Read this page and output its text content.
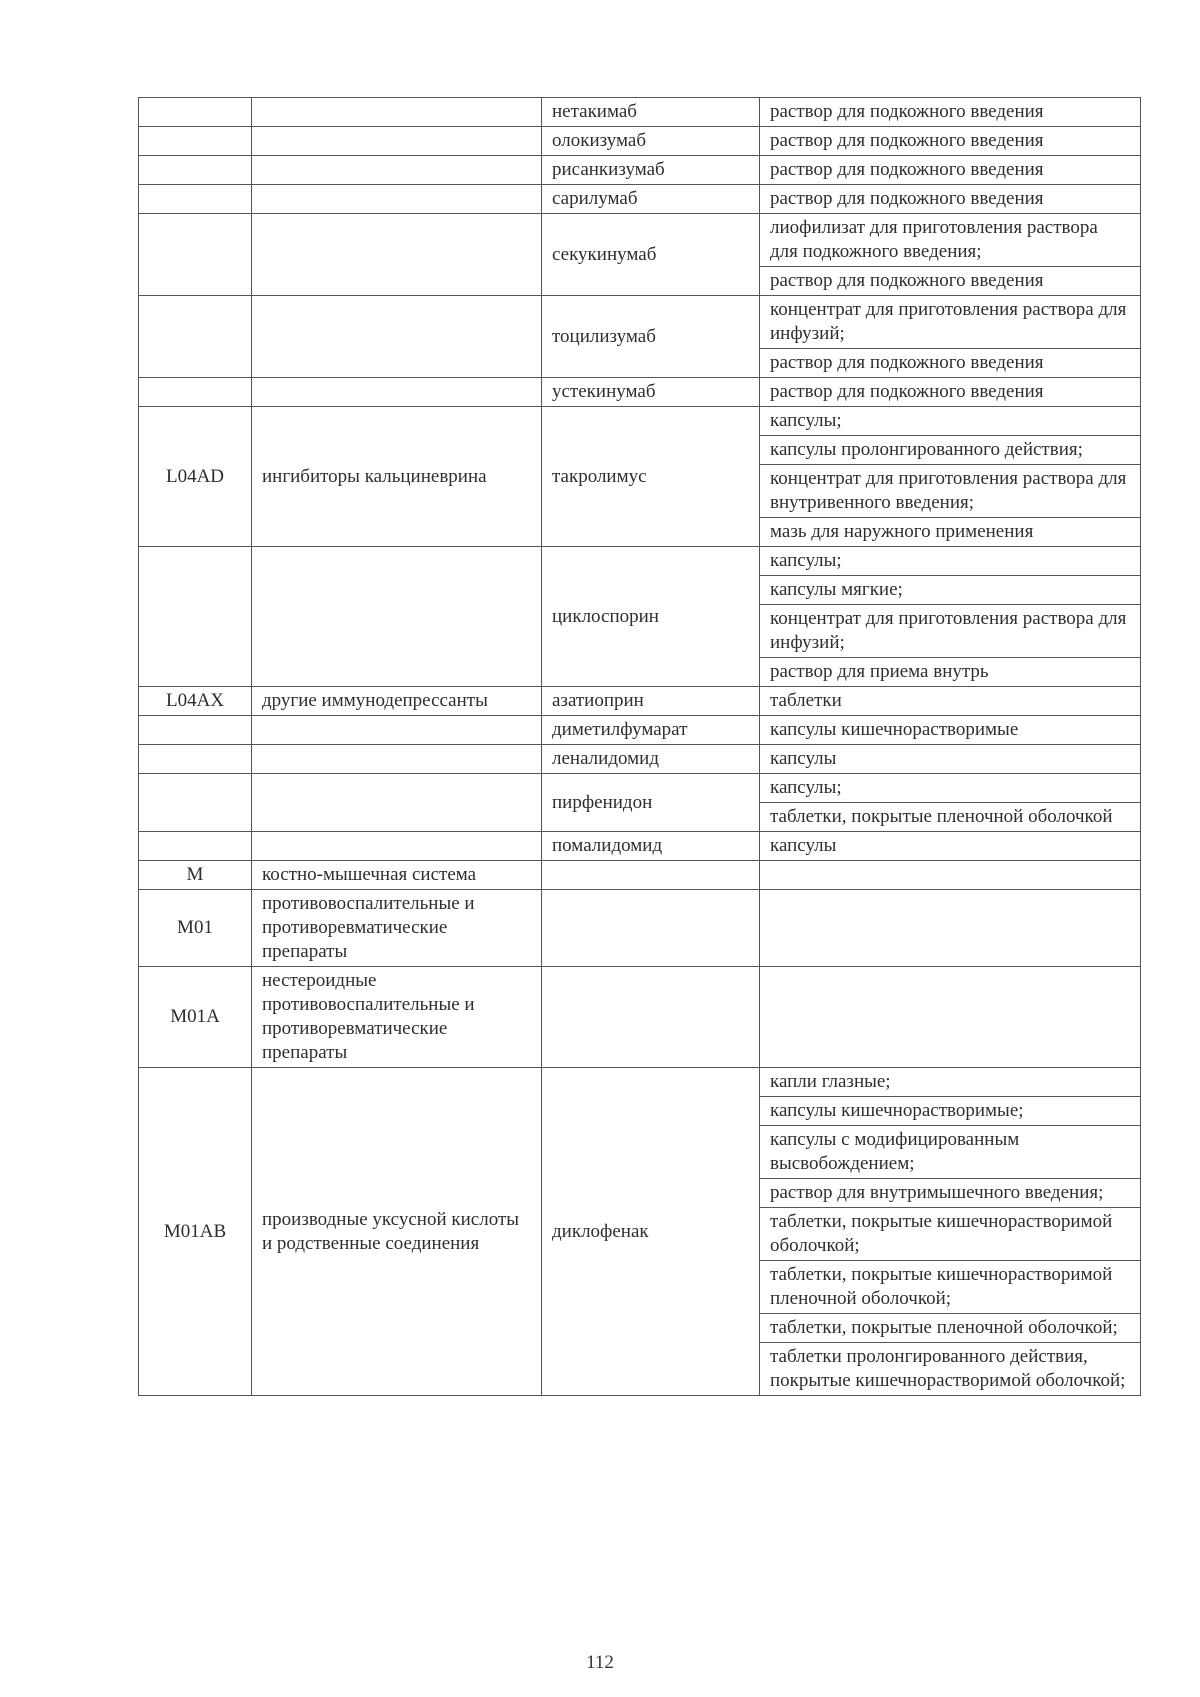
		нетакимаб	раствор для подкожного введения
		олокизумаб	раствор для подкожного введения
		рисанкизумаб	раствор для подкожного введения
		сарилумаб	раствор для подкожного введения
		секукинумаб	лиофилизат для приготовления раствора для подкожного введения;
			раствор для подкожного введения
		тоцилизумаб	концентрат для приготовления раствора для инфузий;
			раствор для подкожного введения
		устекинумаб	раствор для подкожного введения
L04AD	ингибиторы кальциневрина	такролимус	капсулы;
			капсулы пролонгированного действия;
			концентрат для приготовления раствора для внутривенного введения;
			мазь для наружного применения
		циклоспорин	капсулы;
			капсулы мягкие;
			концентрат для приготовления раствора для инфузий;
			раствор для приема внутрь
L04AX	другие иммунодепрессанты	азатиоприн	таблетки
		диметилфумарат	капсулы кишечнорастворимые
		леналидомид	капсулы
		пирфенидон	капсулы;
			таблетки, покрытые пленочной оболочкой
		помалидомид	капсулы
M	костно-мышечная система		
M01	противовоспалительные и противоревматические препараты		
M01A	нестероидные противовоспалительные и противоревматические препараты		
M01AB	производные уксусной кислоты и родственные соединения	диклофенак	капли глазные;
			капсулы кишечнорастворимые;
			капсулы с модифицированным высвобождением;
			раствор для внутримышечного введения;
			таблетки, покрытые кишечнорастворимой оболочкой;
			таблетки, покрытые кишечнорастворимой пленочной оболочкой;
			таблетки, покрытые пленочной оболочкой;
			таблетки пролонгированного действия, покрытые кишечнорастворимой оболочкой;
112
